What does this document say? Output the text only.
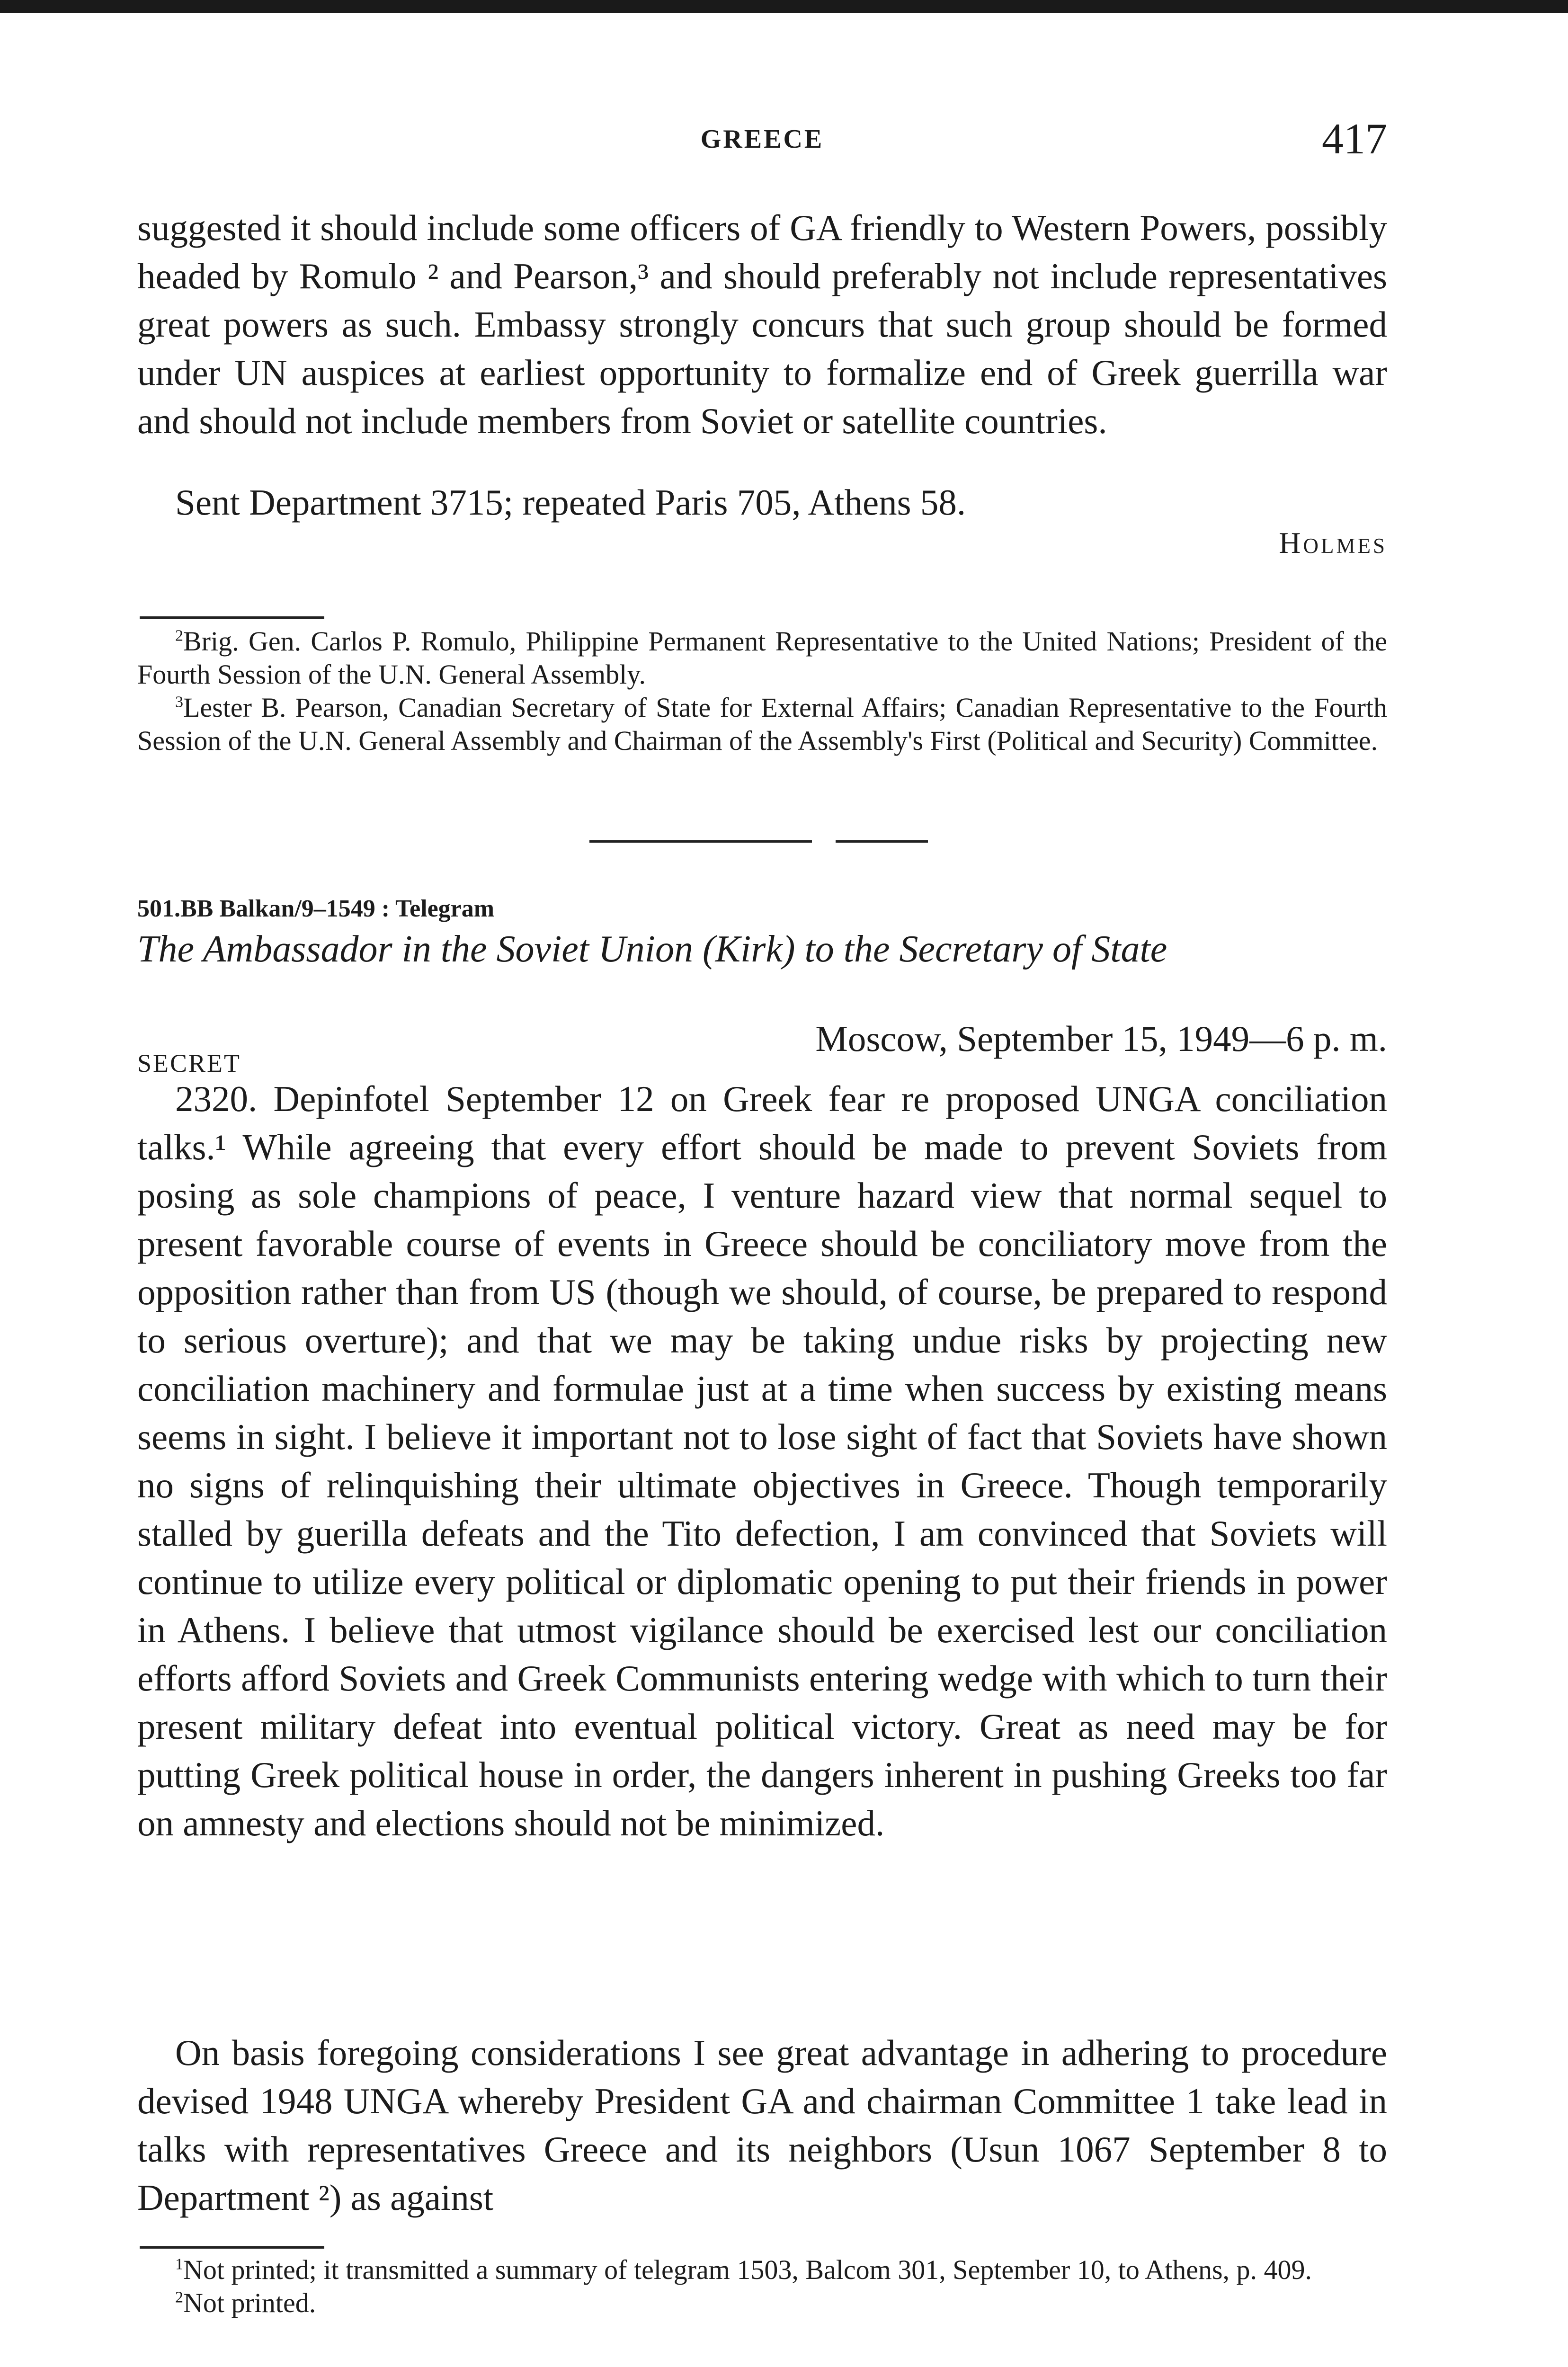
GREECE	417

suggested it should include some officers of GA friendly to Western Powers, possibly headed by Romulo ² and Pearson,³ and should preferably not include representatives great powers as such. Embassy strongly concurs that such group should be formed under UN auspices at earliest opportunity to formalize end of Greek guerrilla war and should not include members from Soviet or satellite countries.

Sent Department 3715; repeated Paris 705, Athens 58.

Holmes

$^2$Brig. Gen. Carlos P. Romulo, Philippine Permanent Representative to the United Nations; President of the Fourth Session of the U.N. General Assembly.

$^3$Lester B. Pearson, Canadian Secretary of State for External Affairs; Canadian Representative to the Fourth Session of the U.N. General Assembly and Chairman of the Assembly's First (Political and Security) Committee.

501.BB Balkan/9–1549 : Telegram

The Ambassador in the Soviet Union (Kirk) to the Secretary of State

SECRET
Moscow, September 15, 1949—6 p. m.

2320. Depinfotel September 12 on Greek fear re proposed UNGA conciliation talks.¹ While agreeing that every effort should be made to prevent Soviets from posing as sole champions of peace, I venture hazard view that normal sequel to present favorable course of events in Greece should be conciliatory move from the opposition rather than from US (though we should, of course, be prepared to respond to serious overture); and that we may be taking undue risks by projecting new conciliation machinery and formulae just at a time when success by existing means seems in sight. I believe it important not to lose sight of fact that Soviets have shown no signs of relinquishing their ultimate objectives in Greece. Though temporarily stalled by guerilla defeats and the Tito defection, I am convinced that Soviets will continue to utilize every political or diplomatic opening to put their friends in power in Athens. I believe that utmost vigilance should be exercised lest our conciliation efforts afford Soviets and Greek Communists entering wedge with which to turn their present military defeat into eventual political victory. Great as need may be for putting Greek political house in order, the dangers inherent in pushing Greeks too far on amnesty and elections should not be minimized.

On basis foregoing considerations I see great advantage in adhering to procedure devised 1948 UNGA whereby President GA and chairman Committee 1 take lead in talks with representatives Greece and its neighbors (Usun 1067 September 8 to Department ²) as against

$^1$Not printed; it transmitted a summary of telegram 1503, Balcom 301, September 10, to Athens, p. 409.

$^2$Not printed.
